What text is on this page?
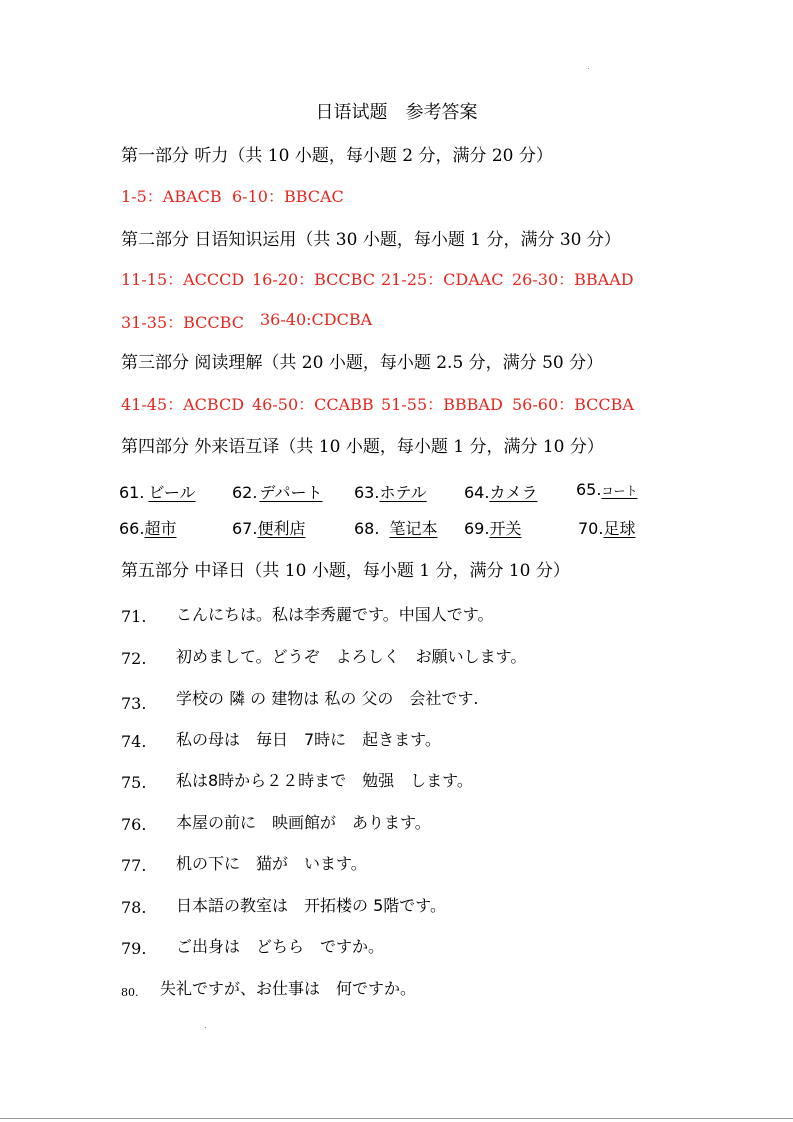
日语试题　参考答案
第一部分 听力（共 10 小题，每小题 2 分，满分 20 分）
1-5：ABACB 6-10：BBCAC
第二部分 日语知识运用（共 30 小题，每小题 1 分，满分 30 分）
11-15：ACCCD 16-20：BCCBC 21-25：CDAAC 26-30：BBAAD
31-35：BCCBC 36-40:CDCBA
第三部分 阅读理解（共 20 小题，每小题 2.5 分，满分 50 分）
41-45：ACBCD 46-50：CCABB 51-55：BBBAD 56-60：BCCBA
第四部分 外来语互译（共 10 小题，每小题 1 分，满分 10 分）
61. ビール	62. デパート	63.ホテル	64.カメラ	65.コート
66.超市	67.便利店	68. 笔记本	69.开关	70.足球
第五部分 中译日（共 10 小题，每小题 1 分，满分 10 分）
71. こんにちは。私は李秀麗です。中国人です。
72. 初めまして。どうぞ　よろしく　お願いします。
73. 学校の 隣 の 建物は 私の 父の　会社です.
74. 私の母は　毎日　7時に　起きます。
75. 私は8時から２２時まで　勉强　します。
76. 本屋の前に　映画館が　あります。
77. 机の下に　猫が　います。
78. 日本語の教室は　开拓楼の 5階です。
79. ご出身は　どちら　ですか。
80. 失礼ですが、お仕事は　何ですか。
